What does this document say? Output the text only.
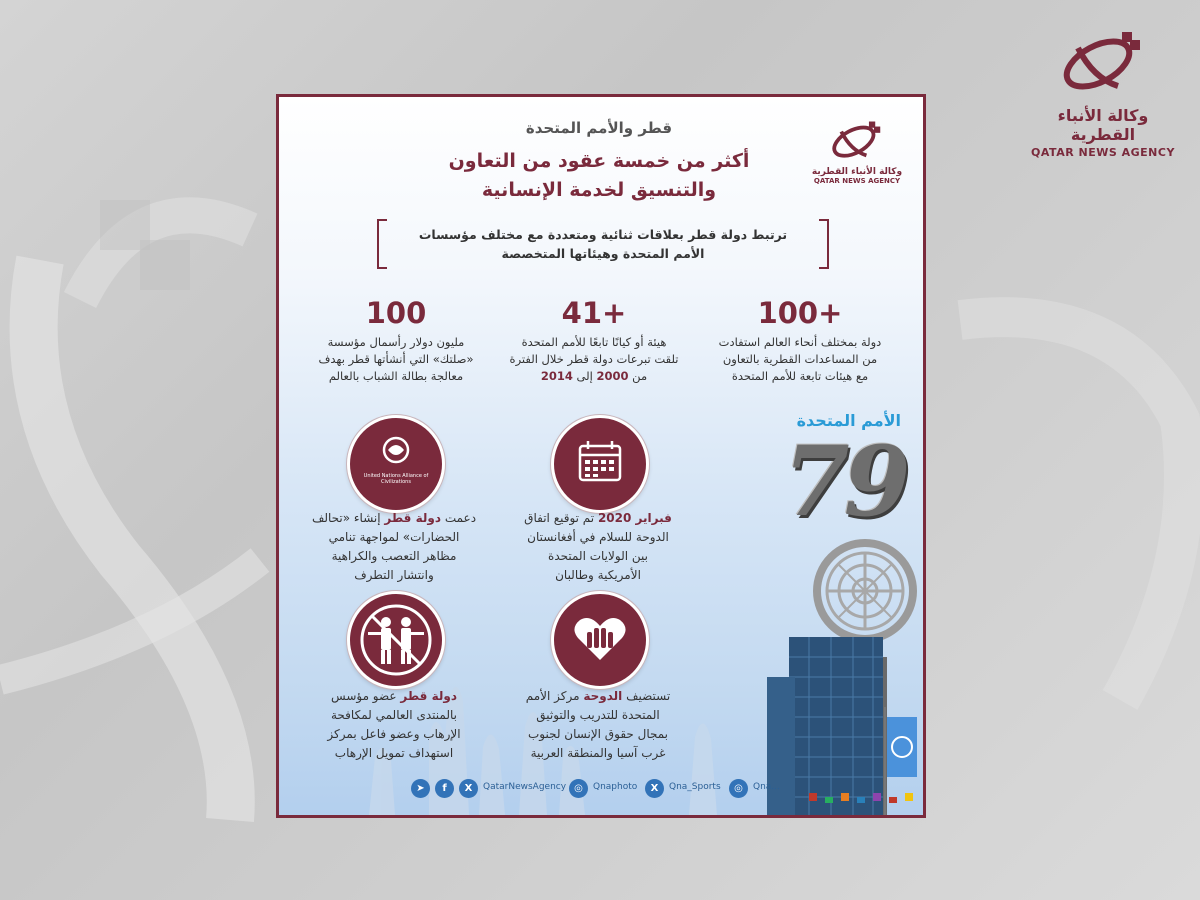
وكالة الأنباء القطرية
QATAR NEWS AGENCY
قطر والأمم المتحدة
أكثر من خمسة عقود من التعاون
والتنسيق لخدمة الإنسانية
وكالة الأنباء القطرية
QATAR NEWS AGENCY
ترتبط دولة قطر بعلاقات ثنائية ومتعددة مع مختلف مؤسسات
الأمم المتحدة وهيئاتها المتخصصة
100+
دولة بمختلف أنحاء العالم استفادت
من المساعدات القطرية بالتعاون
مع هيئات تابعة للأمم المتحدة
41+
هيئة أو كيانًا تابعًا للأمم المتحدة
تلقت تبرعات دولة قطر خلال الفترة
من 2000 إلى 2014
100
مليون دولار رأسمال مؤسسة
«صلتك» التي أنشأتها قطر بهدف
معالجة بطالة الشباب بالعالم
الأمم المتحدة
79
United Nations Alliance of Civilizations
فبراير 2020 تم توقيع اتفاق
الدوحة للسلام في أفغانستان
بين الولايات المتحدة
الأمريكية وطالبان
دعمت دولة قطر إنشاء «تحالف
الحضارات» لمواجهة تنامي
مظاهر التعصب والكراهية
وانتشار التطرف
تستضيف الدوحة مركز الأمم
المتحدة للتدريب والتوثيق
بمجال حقوق الإنسان لجنوب
غرب آسيا والمنطقة العربية
دولة قطر عضو مؤسس
بالمنتدى العالمي لمكافحة
الإرهاب وعضو فاعل بمركز
استهداف تمويل الإرهاب
➤	f	X	QatarNewsAgency ◎	Qnaphoto	X	Qna_Sports	◎	Qna...
